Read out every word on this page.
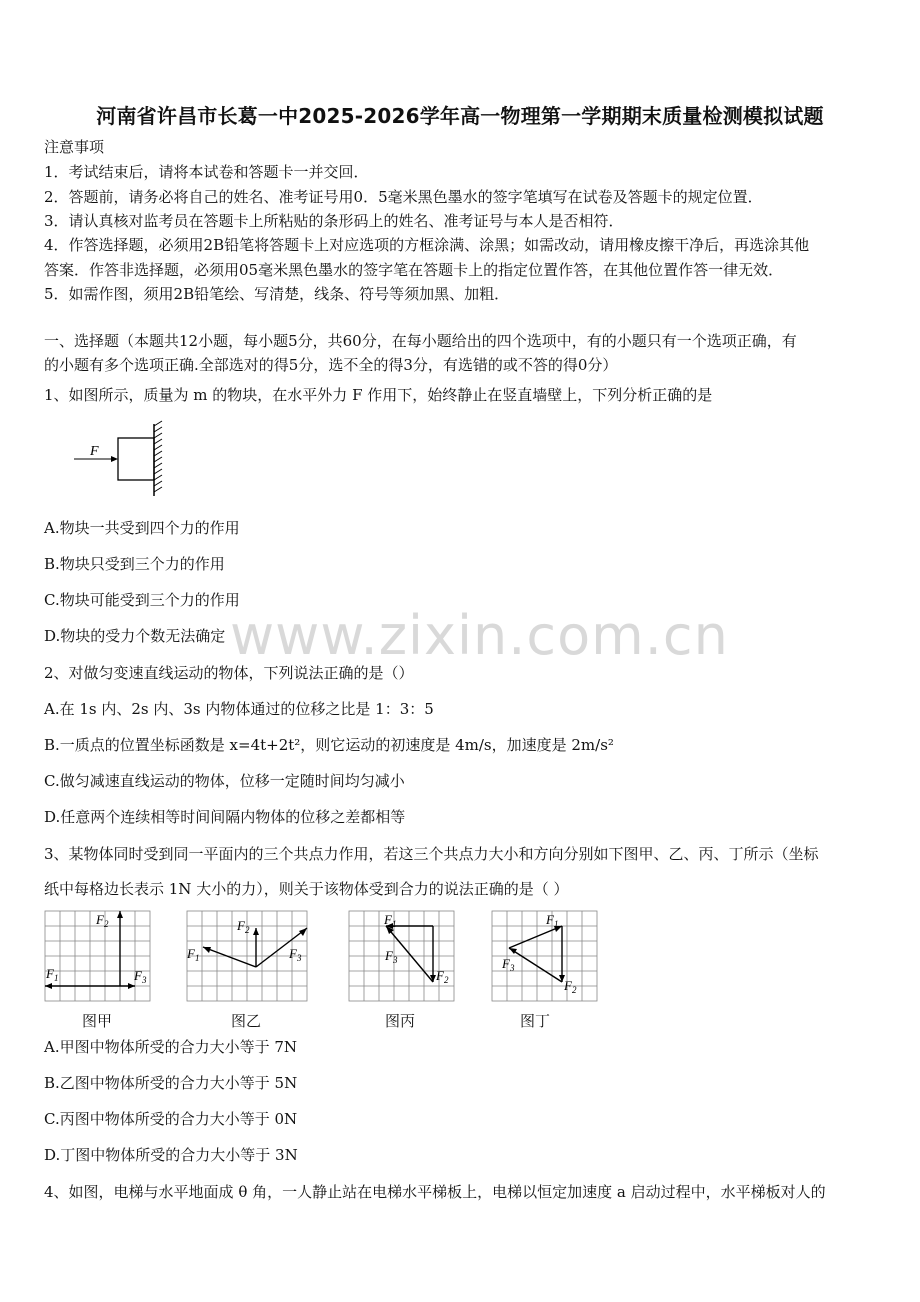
河南省许昌市长葛一中2025-2026学年高一物理第一学期期末质量检测模拟试题
注意事项
1．考试结束后，请将本试卷和答题卡一并交回．
2．答题前，请务必将自己的姓名、准考证号用0．5毫米黑色墨水的签字笔填写在试卷及答题卡的规定位置．
3．请认真核对监考员在答题卡上所粘贴的条形码上的姓名、准考证号与本人是否相符．
4．作答选择题，必须用2B铅笔将答题卡上对应选项的方框涂满、涂黑；如需改动，请用橡皮擦干净后，再选涂其他
答案．作答非选择题，必须用05毫米黑色墨水的签字笔在答题卡上的指定位置作答，在其他位置作答一律无效．
5．如需作图，须用2B铅笔绘、写清楚，线条、符号等须加黑、加粗．
一、选择题（本题共12小题，每小题5分，共60分，在每小题给出的四个选项中，有的小题只有一个选项正确，有
的小题有多个选项正确.全部选对的得5分，选不全的得3分，有选错的或不答的得0分）
1、如图所示，质量为 m 的物块，在水平外力 F 作用下，始终静止在竖直墙壁上，下列分析正确的是
F
A.物块一共受到四个力的作用
B.物块只受到三个力的作用
C.物块可能受到三个力的作用
D.物块的受力个数无法确定 www.zixin.com.cn
2、对做匀变速直线运动的物体，下列说法正确的是（）
A.在 1s 内、2s 内、3s 内物体通过的位移之比是 1：3：5
B.一质点的位置坐标函数是 x=4t+2t²，则它运动的初速度是 4m/s，加速度是 2m/s²
C.做匀减速直线运动的物体，位移一定随时间均匀减小
D.任意两个连续相等时间间隔内物体的位移之差都相等
3、某物体同时受到同一平面内的三个共点力作用，若这三个共点力大小和方向分别如下图甲、乙、丙、丁所示（坐标
纸中每格边长表示 1N 大小的力），则关于该物体受到合力的说法正确的是（ ）
$F_2$
$F_1$	$F_3$
$F_2$
$F_1$	$F_3$
$F_1$
$F_3$
$F_2$
$F_1$
$F_3$
$F_2$
图甲	图乙	图丙	图丁
A.甲图中物体所受的合力大小等于 7N
B.乙图中物体所受的合力大小等于 5N
C.丙图中物体所受的合力大小等于 0N
D.丁图中物体所受的合力大小等于 3N
4、如图，电梯与水平地面成 θ 角，一人静止站在电梯水平梯板上，电梯以恒定加速度 a 启动过程中，水平梯板对人的
